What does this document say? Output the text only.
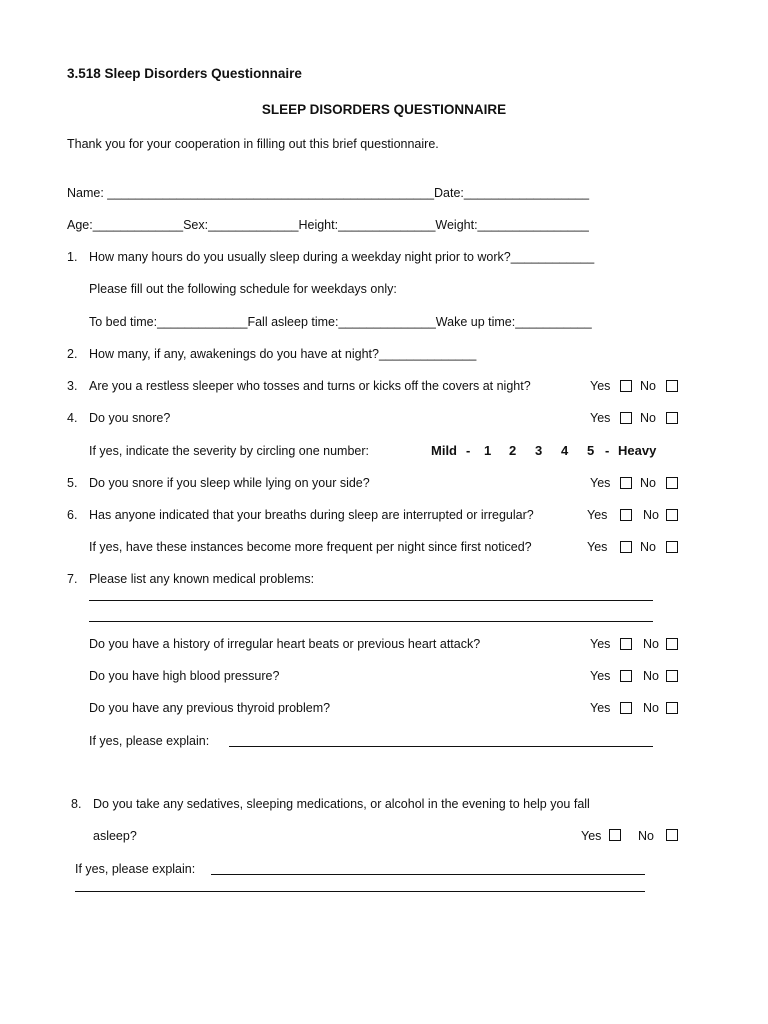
3.518 Sleep Disorders Questionnaire
SLEEP DISORDERS QUESTIONNAIRE
Thank you for your cooperation in filling out this brief questionnaire.
Name: _______________________________________________Date:__________________
Age:_____________Sex:_____________Height:______________Weight:________________
1. How many hours do you usually sleep during a weekday night prior to work?____________
Please fill out the following schedule for weekdays only:
To bed time:_____________Fall asleep time:______________Wake up time:___________
2. How many, if any, awakenings do you have at night?______________
3. Are you a restless sleeper who tosses and turns or kicks off the covers at night?	Yes No
4. Do you snore?	Yes No
If yes, indicate the severity by circling one number:	Mild - 1 2 3 4 5 - Heavy
5. Do you snore if you sleep while lying on your side?	Yes No
6. Has anyone indicated that your breaths during sleep are interrupted or irregular?	Yes	No
If yes, have these instances become more frequent per night since first noticed?	Yes	No
7. Please list any known medical problems:
Do you have a history of irregular heart beats or previous heart attack?	Yes	No
Do you have high blood pressure?	Yes	No
Do you have any previous thyroid problem?	Yes	No
If yes, please explain:
8. Do you take any sedatives, sleeping medications, or alcohol in the evening to help you fall
asleep?	Yes	No
If yes, please explain:
